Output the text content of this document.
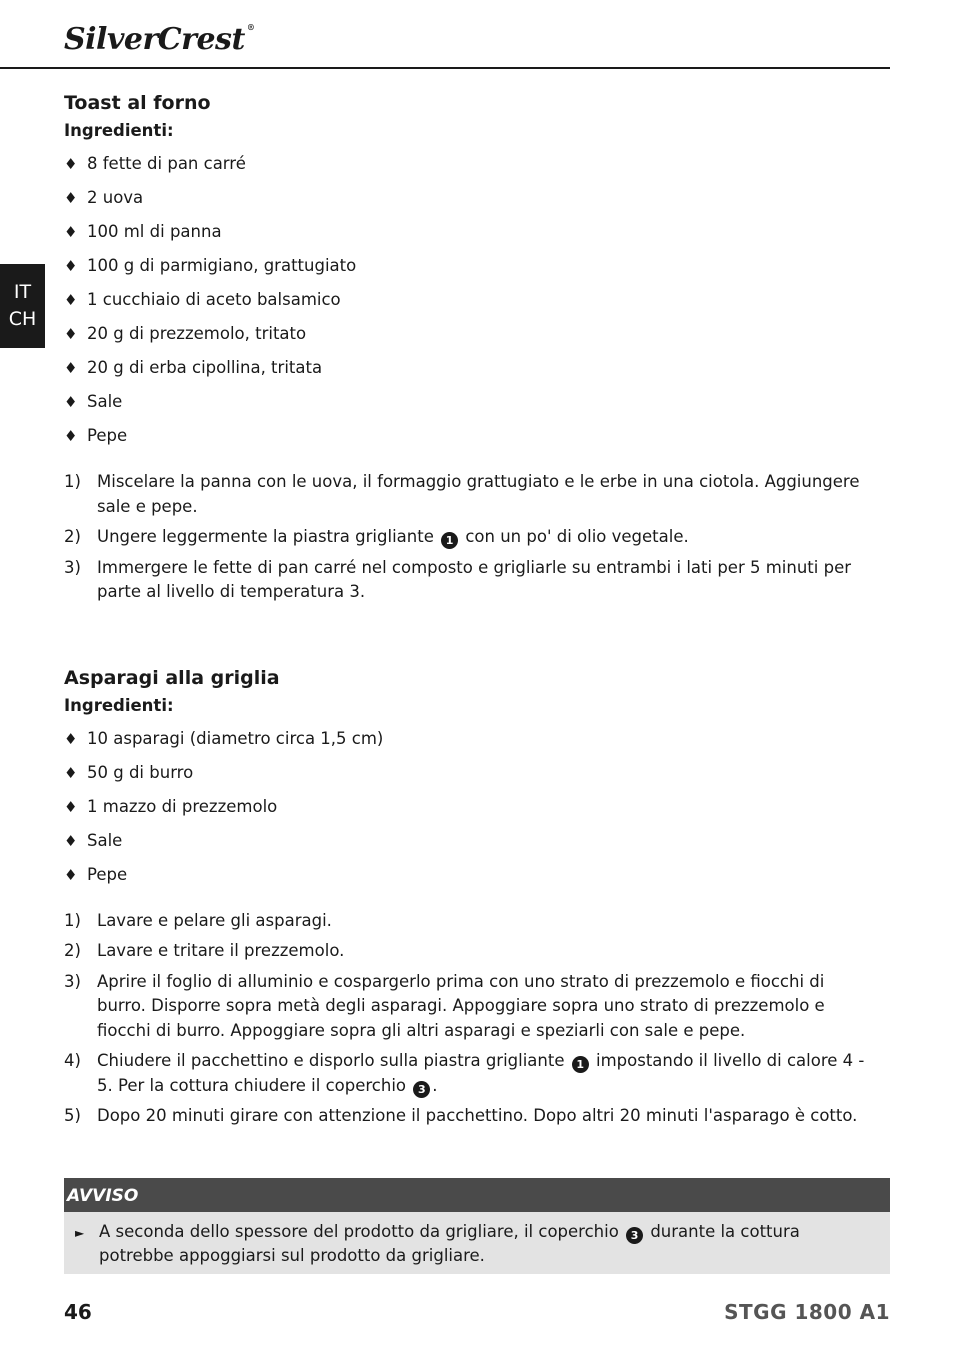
SilverCrest ®
IT
CH
Toast al forno
Ingredienti:
♦ 8 fette di pan carré
♦ 2 uova
♦ 100 ml di panna
♦ 100 g di parmigiano, grattugiato
♦ 1 cucchiaio di aceto balsamico
♦ 20 g di prezzemolo, tritato
♦ 20 g di erba cipollina, tritata
♦ Sale
♦ Pepe
1) Miscelare la panna con le uova, il formaggio grattugiato e le erbe in una ciotola. Aggiungere sale e pepe.
2) Ungere leggermente la piastra grigliante 1 con un po' di olio vegetale.
3) Immergere le fette di pan carré nel composto e grigliarle su entrambi i lati per 5 minuti per parte al livello di temperatura 3.
Asparagi alla griglia
Ingredienti:
♦ 10 asparagi (diametro circa 1,5 cm)
♦ 50 g di burro
♦ 1 mazzo di prezzemolo
♦ Sale
♦ Pepe
1) Lavare e pelare gli asparagi.
2) Lavare e tritare il prezzemolo.
3) Aprire il foglio di alluminio e cospargerlo prima con uno strato di prezzemolo e fiocchi di burro. Disporre sopra metà degli asparagi. Appoggiare sopra uno strato di prezzemolo e fiocchi di burro. Appoggiare sopra gli altri asparagi e speziarli con sale e pepe.
4) Chiudere il pacchettino e disporlo sulla piastra grigliante 1 impostando il livello di calore 4 - 5. Per la cottura chiudere il coperchio 3 .
5) Dopo 20 minuti girare con attenzione il pacchettino. Dopo altri 20 minuti l'asparago è cotto.
AVVISO
► A seconda dello spessore del prodotto da grigliare, il coperchio 3 durante la cottura potrebbe appoggiarsi sul prodotto da grigliare.
46	STGG 1800 A1
